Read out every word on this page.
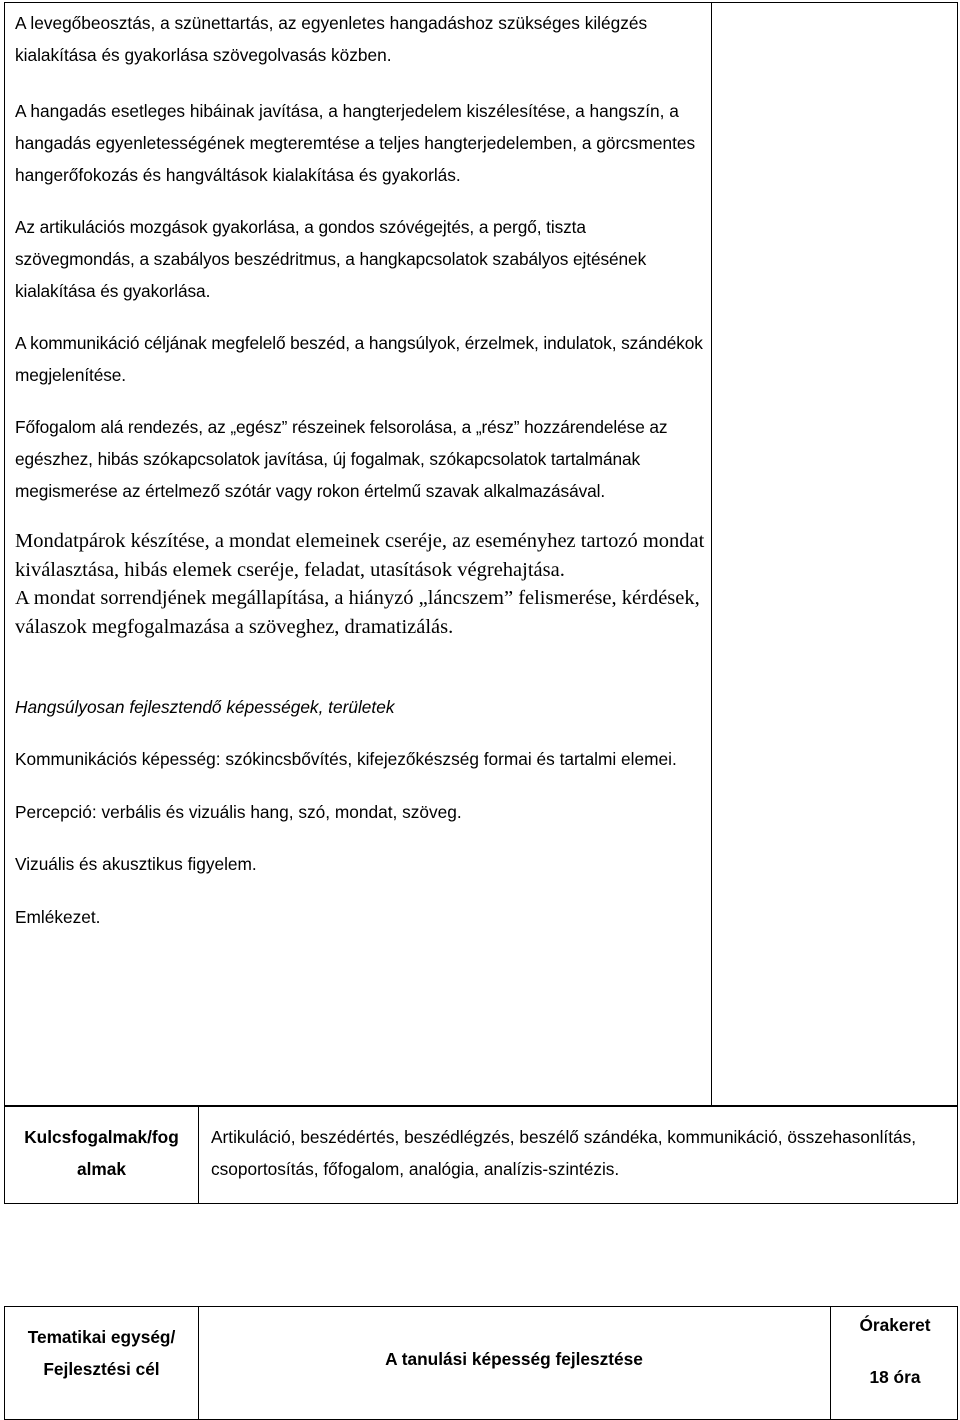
A levegőbeosztás, a szünettartás, az egyenletes hangadáshoz szükséges kilégzés kialakítása és gyakorlása szövegolvasás közben.

A hangadás esetleges hibáinak javítása, a hangterjedelem kiszélesítése, a hangszín, a hangadás egyenletességének megteremtése a teljes hangterjedelemben, a görcsmentes hangerőfokozás és hangváltások kialakítása és gyakorlás.

Az artikulációs mozgások gyakorlása, a gondos szóvégejtés, a pergő, tiszta szövegmondás, a szabályos beszédritmus, a hangkapcsolatok szabályos ejtésének kialakítása és gyakorlása.

A kommunikáció céljának megfelelő beszéd, a hangsúlyok, érzelmek, indulatok, szándékok megjelenítése.

Főfogalom alá rendezés, az „egész” részeinek felsorolása, a „rész” hozzárendelése az egészhez, hibás szókapcsolatok javítása, új fogalmak, szókapcsolatok tartalmának megismerése az értelmező szótár vagy rokon értelmű szavak alkalmazásával.

Mondatpárok készítése, a mondat elemeinek cseréje, az eseményhez tartozó mondat kiválasztása, hibás elemek cseréje, feladat, utasítások végrehajtása.

A mondat sorrendjének megállapítása, a hiányzó „láncszem” felismerése, kérdések, válaszok megfogalmazása a szöveghez, dramatizálás.

Hangsúlyosan fejlesztendő képességek, területek

Kommunikációs képesség: szókincsbővítés, kifejezőkészség formai és tartalmi elemei.

Percepció: verbális és vizuális hang, szó, mondat, szöveg.

Vizuális és akusztikus figyelem.

Emlékezet.

Kulcsfogalmak/fogalmak
Artikuláció, beszédértés, beszédlégzés, beszélő szándéka, kommunikáció, összehasonlítás, csoportosítás, főfogalom, analógia, analízis-szintézis.
Tematikai egység/ Fejlesztési cél	A tanulási képesség fejlesztése
Órakeret
18 óra
